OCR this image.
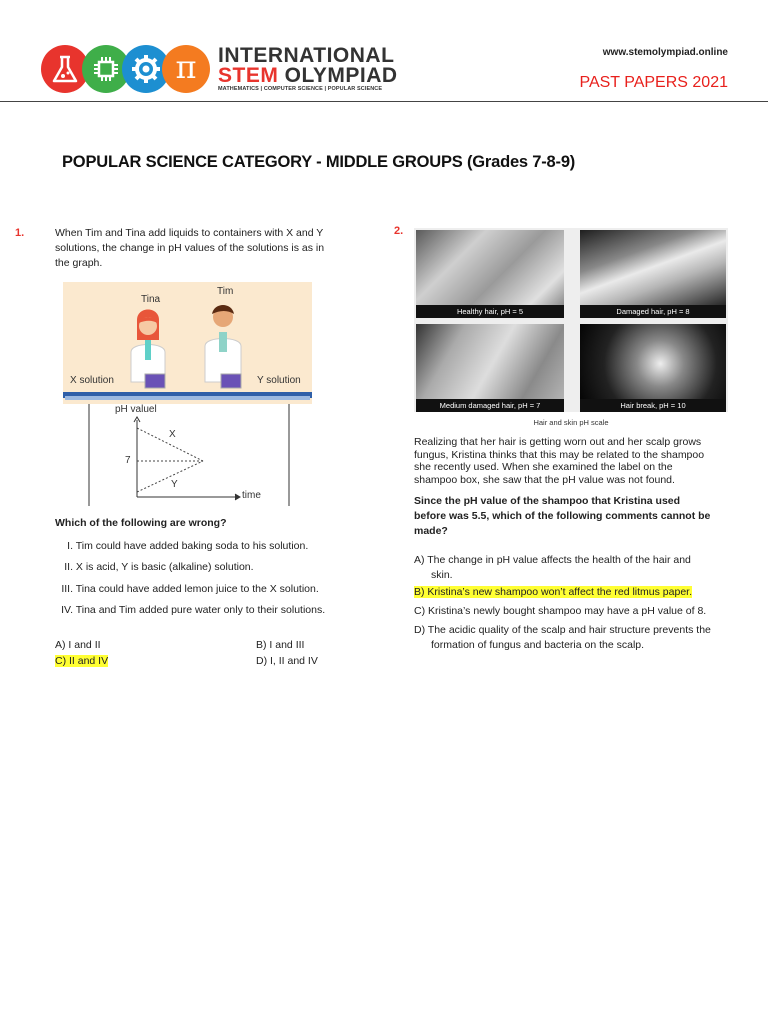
π	INTERNATIONAL
STEM OLYMPIAD
MATHEMATICS | COMPUTER SCIENCE | POPULAR SCIENCE
www.stemolympiad.online
PAST PAPERS 2021
POPULAR SCIENCE CATEGORY - MIDDLE GROUPS (Grades 7-8-9)
1.	When Tim and Tina add liquids to containers with X and Y
solutions, the change in pH values of the solutions is as in
the graph.
Tina
Tim
X solution	Y solution
pH valuel
7
X
Y
time
Which of the following are wrong?
I. Tim could have added baking soda to his solution.
II. X is acid, Y is basic (alkaline) solution.
III. Tina could have added lemon juice to the X solution.
IV. Tina and Tim added pure water only to their solutions.
A) I and II	B) I and III
C) II and IV	D) I, II and IV
2.
Healthy hair, pH = 5	Damaged hair, pH = 8
Medium damaged hair, pH = 7	Hair break, pH = 10
Hair and skin pH scale
Realizing that her hair is getting worn out and her scalp grows
fungus, Kristina thinks that this may be related to the shampoo
she recently used. When she examined the label on the
shampoo box, she saw that the pH value was not found.
Since the pH value of the shampoo that Kristina used
before was 5.5, which of the following comments cannot be
made?
A) The change in pH value affects the health of the hair and
skin.
B) Kristina’s new shampoo won’t affect the red litmus paper.
C) Kristina’s newly bought shampoo may have a pH value of 8.
D) The acidic quality of the scalp and hair structure prevents the
formation of fungus and bacteria on the scalp.
